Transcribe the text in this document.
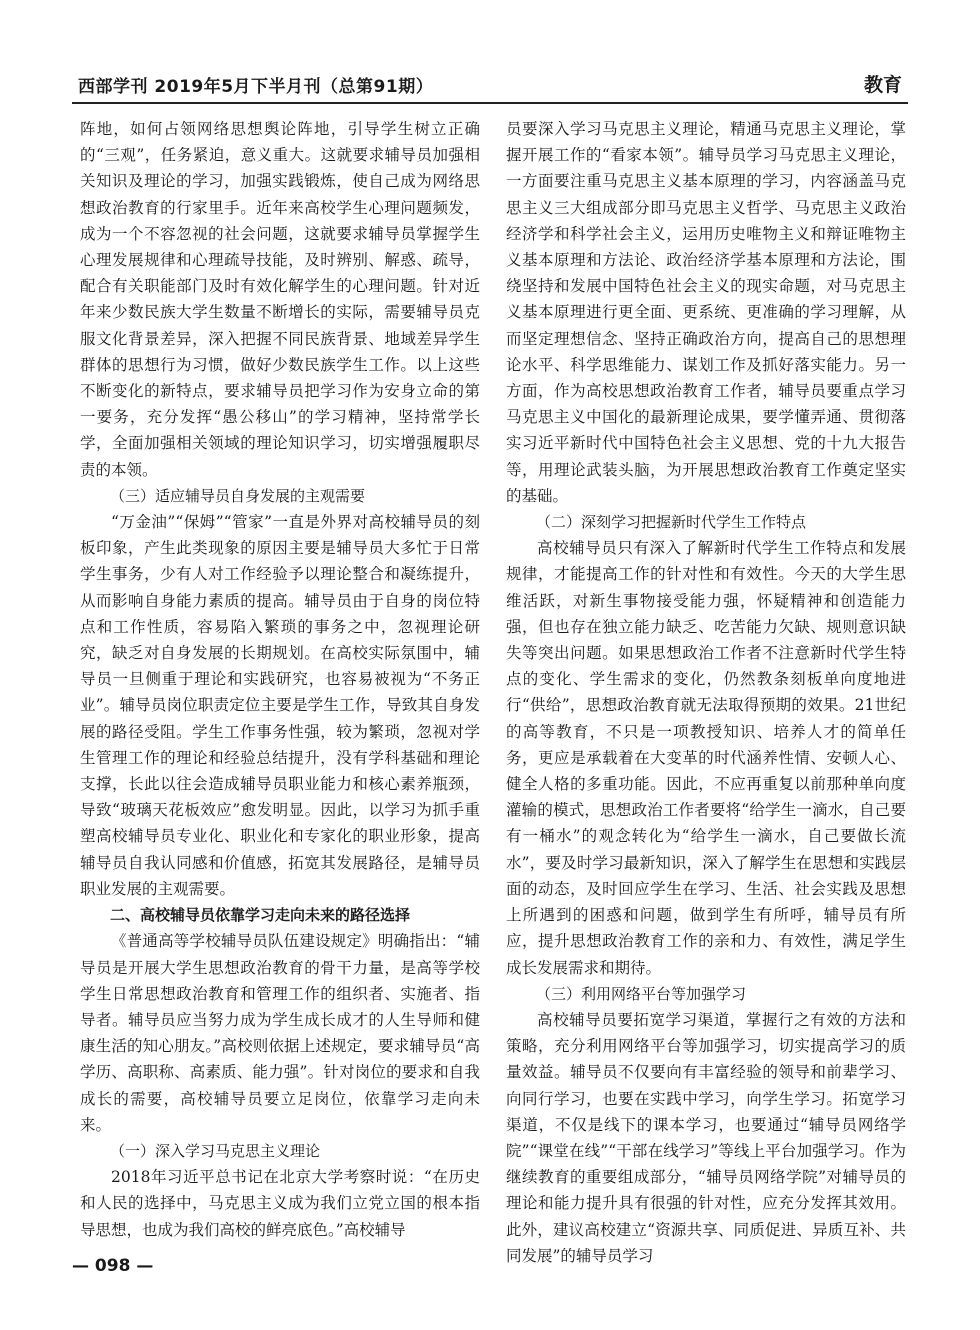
西部学刊 2019年5月下半月刊（总第91期）	教育

阵地，如何占领网络思想舆论阵地，引导学生树立正确的“三观”，任务紧迫，意义重大。这就要求辅导员加强相关知识及理论的学习，加强实践锻炼，使自己成为网络思想政治教育的行家里手。近年来高校学生心理问题频发，成为一个不容忽视的社会问题，这就要求辅导员掌握学生心理发展规律和心理疏导技能，及时辨别、解惑、疏导，配合有关职能部门及时有效化解学生的心理问题。针对近年来少数民族大学生数量不断增长的实际，需要辅导员克服文化背景差异，深入把握不同民族背景、地域差异学生群体的思想行为习惯，做好少数民族学生工作。以上这些不断变化的新特点，要求辅导员把学习作为安身立命的第一要务，充分发挥“愚公移山”的学习精神，坚持常学长学，全面加强相关领域的理论知识学习，切实增强履职尽责的本领。

（三）适应辅导员自身发展的主观需要

“万金油”“保姆”“管家”一直是外界对高校辅导员的刻板印象，产生此类现象的原因主要是辅导员大多忙于日常学生事务，少有人对工作经验予以理论整合和凝练提升，从而影响自身能力素质的提高。辅导员由于自身的岗位特点和工作性质，容易陷入繁琐的事务之中，忽视理论研究，缺乏对自身发展的长期规划。在高校实际氛围中，辅导员一旦侧重于理论和实践研究，也容易被视为“不务正业”。辅导员岗位职责定位主要是学生工作，导致其自身发展的路径受阻。学生工作事务性强，较为繁琐，忽视对学生管理工作的理论和经验总结提升，没有学科基础和理论支撑，长此以往会造成辅导员职业能力和核心素养瓶颈，导致“玻璃天花板效应”愈发明显。因此，以学习为抓手重塑高校辅导员专业化、职业化和专家化的职业形象，提高辅导员自我认同感和价值感，拓宽其发展路径，是辅导员职业发展的主观需要。

二、高校辅导员依靠学习走向未来的路径选择

《普通高等学校辅导员队伍建设规定》明确指出：“辅导员是开展大学生思想政治教育的骨干力量，是高等学校学生日常思想政治教育和管理工作的组织者、实施者、指导者。辅导员应当努力成为学生成长成才的人生导师和健康生活的知心朋友。”高校则依据上述规定，要求辅导员“高学历、高职称、高素质、能力强”。针对岗位的要求和自我成长的需要，高校辅导员要立足岗位，依靠学习走向未来。

（一）深入学习马克思主义理论

2018年习近平总书记在北京大学考察时说：“在历史和人民的选择中，马克思主义成为我们立党立国的根本指导思想，也成为我们高校的鲜亮底色。”高校辅导

员要深入学习马克思主义理论，精通马克思主义理论，掌握开展工作的“看家本领”。辅导员学习马克思主义理论，一方面要注重马克思主义基本原理的学习，内容涵盖马克思主义三大组成部分即马克思主义哲学、马克思主义政治经济学和科学社会主义，运用历史唯物主义和辩证唯物主义基本原理和方法论、政治经济学基本原理和方法论，围绕坚持和发展中国特色社会主义的现实命题，对马克思主义基本原理进行更全面、更系统、更准确的学习理解，从而坚定理想信念、坚持正确政治方向，提高自己的思想理论水平、科学思维能力、谋划工作及抓好落实能力。另一方面，作为高校思想政治教育工作者，辅导员要重点学习马克思主义中国化的最新理论成果，要学懂弄通、贯彻落实习近平新时代中国特色社会主义思想、党的十九大报告等，用理论武装头脑，为开展思想政治教育工作奠定坚实的基础。

（二）深刻学习把握新时代学生工作特点

高校辅导员只有深入了解新时代学生工作特点和发展规律，才能提高工作的针对性和有效性。今天的大学生思维活跃，对新生事物接受能力强，怀疑精神和创造能力强，但也存在独立能力缺乏、吃苦能力欠缺、规则意识缺失等突出问题。如果思想政治工作者不注意新时代学生特点的变化、学生需求的变化，仍然教条刻板单向度地进行“供给”，思想政治教育就无法取得预期的效果。21世纪的高等教育，不只是一项教授知识、培养人才的简单任务，更应是承载着在大变革的时代涵养性情、安顿人心、健全人格的多重功能。因此，不应再重复以前那种单向度灌输的模式，思想政治工作者要将“给学生一滴水，自己要有一桶水”的观念转化为“给学生一滴水，自己要做长流水”，要及时学习最新知识，深入了解学生在思想和实践层面的动态，及时回应学生在学习、生活、社会实践及思想上所遇到的困惑和问题，做到学生有所呼，辅导员有所应，提升思想政治教育工作的亲和力、有效性，满足学生成长发展需求和期待。

（三）利用网络平台等加强学习

高校辅导员要拓宽学习渠道，掌握行之有效的方法和策略，充分利用网络平台等加强学习，切实提高学习的质量效益。辅导员不仅要向有丰富经验的领导和前辈学习、向同行学习，也要在实践中学习，向学生学习。拓宽学习渠道，不仅是线下的课本学习，也要通过“辅导员网络学院”“课堂在线”“干部在线学习”等线上平台加强学习。作为继续教育的重要组成部分，“辅导员网络学院”对辅导员的理论和能力提升具有很强的针对性，应充分发挥其效用。此外，建议高校建立“资源共享、同质促进、异质互补、共同发展”的辅导员学习

— 098 —
